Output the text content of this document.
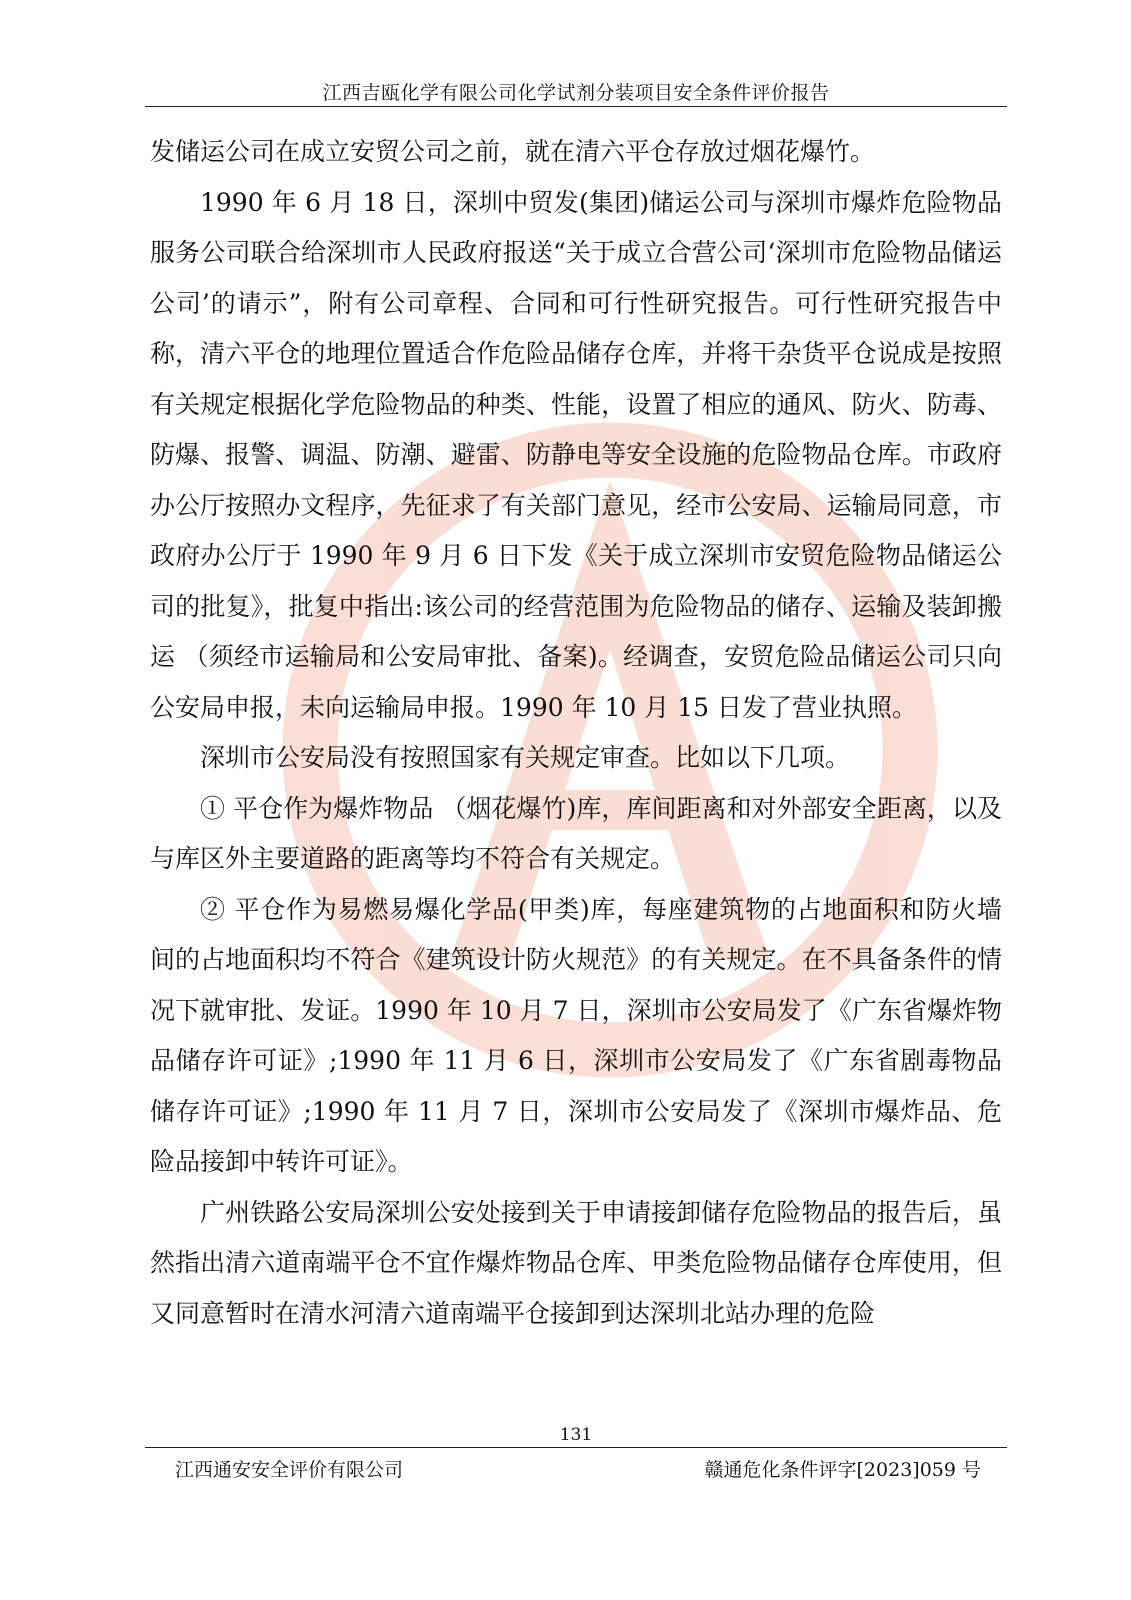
江西吉瓯化学有限公司化学试剂分装项目安全条件评价报告

发储运公司在成立安贸公司之前，就在清六平仓存放过烟花爆竹。

1990 年 6 月 18 日，深圳中贸发(集团)储运公司与深圳市爆炸危险物品服务公司联合给深圳市人民政府报送“关于成立合营公司‘深圳市危险物品储运公司’的请示”，附有公司章程、合同和可行性研究报告。可行性研究报告中称，清六平仓的地理位置适合作危险品储存仓库，并将干杂货平仓说成是按照有关规定根据化学危险物品的种类、性能，设置了相应的通风、防火、防毒、防爆、报警、调温、防潮、避雷、防静电等安全设施的危险物品仓库。市政府办公厅按照办文程序，先征求了有关部门意见，经市公安局、运输局同意，市政府办公厅于 1990 年 9 月 6 日下发《关于成立深圳市安贸危险物品储运公司的批复》，批复中指出:该公司的经营范围为危险物品的储存、运输及装卸搬运 （须经市运输局和公安局审批、备案)。经调查，安贸危险品储运公司只向公安局申报，未向运输局申报。1990 年 10 月 15 日发了营业执照。

深圳市公安局没有按照国家有关规定审查。比如以下几项。

① 平仓作为爆炸物品 （烟花爆竹)库，库间距离和对外部安全距离，以及与库区外主要道路的距离等均不符合有关规定。

② 平仓作为易燃易爆化学品(甲类)库，每座建筑物的占地面积和防火墙间的占地面积均不符合《建筑设计防火规范》的有关规定。在不具备条件的情况下就审批、发证。1990 年 10 月 7 日，深圳市公安局发了《广东省爆炸物品储存许可证》;1990 年 11 月 6 日，深圳市公安局发了《广东省剧毒物品储存许可证》;1990 年 11 月 7 日，深圳市公安局发了《深圳市爆炸品、危险品接卸中转许可证》。

广州铁路公安局深圳公安处接到关于申请接卸储存危险物品的报告后，虽然指出清六道南端平仓不宜作爆炸物品仓库、甲类危险物品储存仓库使用，但又同意暂时在清水河清六道南端平仓接卸到达深圳北站办理的危险

131
江西通安安全评价有限公司	赣通危化条件评字[2023]059 号
